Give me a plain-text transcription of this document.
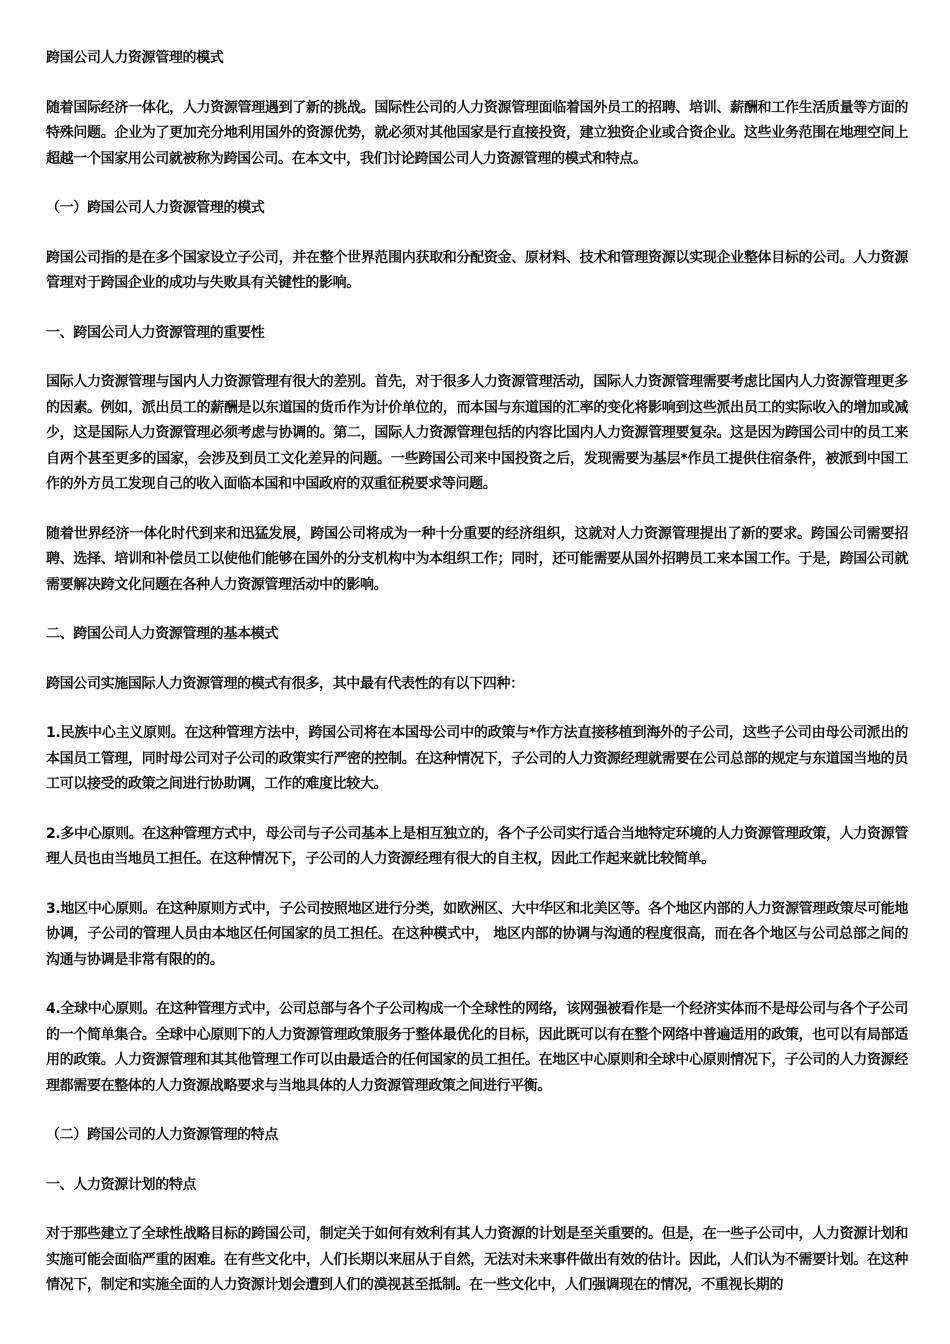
跨国公司人力资源管理的模式

随着国际经济一体化，人力资源管理遇到了新的挑战。国际性公司的人力资源管理面临着国外员工的招聘、培训、薪酬和工作生活质量等方面的特殊问题。企业为了更加充分地利用国外的资源优势，就必须对其他国家是行直接投资，建立独资企业或合资企业。这些业务范围在地理空间上超越一个国家用公司就被称为跨国公司。在本文中，我们讨论跨国公司人力资源管理的模式和特点。

（一）跨国公司人力资源管理的模式

跨国公司指的是在多个国家设立子公司，并在整个世界范围内获取和分配资金、原材料、技术和管理资源以实现企业整体目标的公司。人力资源管理对于跨国企业的成功与失败具有关键性的影响。

一、跨国公司人力资源管理的重要性

国际人力资源管理与国内人力资源管理有很大的差别。首先，对于很多人力资源管理活动，国际人力资源管理需要考虑比国内人力资源管理更多的因素。例如，派出员工的薪酬是以东道国的货币作为计价单位的，而本国与东道国的汇率的变化将影响到这些派出员工的实际收入的增加或减少，这是国际人力资源管理必须考虑与协调的。第二，国际人力资源管理包括的内容比国内人力资源管理要复杂。这是因为跨国公司中的员工来自两个甚至更多的国家，会涉及到员工文化差异的问题。一些跨国公司来中国投资之后，发现需要为基层*作员工提供住宿条件，被派到中国工作的外方员工发现自己的收入面临本国和中国政府的双重征税要求等问题。

随着世界经济一体化时代到来和迅猛发展，跨国公司将成为一种十分重要的经济组织，这就对人力资源管理提出了新的要求。跨国公司需要招聘、选择、培训和补偿员工以使他们能够在国外的分支机构中为本组织工作；同时，还可能需要从国外招聘员工来本国工作。于是，跨国公司就需要解决跨文化问题在各种人力资源管理活动中的影响。

二、跨国公司人力资源管理的基本模式

跨国公司实施国际人力资源管理的模式有很多，其中最有代表性的有以下四种：

1.民族中心主义原则。在这种管理方法中，跨国公司将在本国母公司中的政策与*作方法直接移植到海外的子公司，这些子公司由母公司派出的本国员工管理，同时母公司对子公司的政策实行严密的控制。在这种情况下，子公司的人力资源经理就需要在公司总部的规定与东道国当地的员工可以接受的政策之间进行协助调，工作的难度比较大。

2.多中心原则。在这种管理方式中，母公司与子公司基本上是相互独立的，各个子公司实行适合当地特定环境的人力资源管理政策，人力资源管理人员也由当地员工担任。在这种情况下，子公司的人力资源经理有很大的自主权，因此工作起来就比较简单。

3.地区中心原则。在这种原则方式中，子公司按照地区进行分类，如欧洲区、大中华区和北美区等。各个地区内部的人力资源管理政策尽可能地协调，子公司的管理人员由本地区任何国家的员工担任。在这种模式中， 地区内部的协调与沟通的程度很高，而在各个地区与公司总部之间的沟通与协调是非常有限的的。

4.全球中心原则。在这种管理方式中，公司总部与各个子公司构成一个全球性的网络，该网强被看作是一个经济实体而不是母公司与各个子公司的一个简单集合。全球中心原则下的人力资源管理政策服务于整体最优化的目标，因此既可以有在整个网络中普遍适用的政策，也可以有局部适用的政策。人力资源管理和其其他管理工作可以由最适合的任何国家的员工担任。在地区中心原则和全球中心原则情况下，子公司的人力资源经理都需要在整体的人力资源战略要求与当地具体的人力资源管理政策之间进行平衡。

（二）跨国公司的人力资源管理的特点

一、人力资源计划的特点

对于那些建立了全球性战略目标的跨国公司，制定关于如何有效利有其人力资源的计划是至关重要的。但是，在一些子公司中，人力资源计划和实施可能会面临严重的困难。在有些文化中，人们长期以来屈从于自然，无法对未来事件做出有效的估计。因此，人们认为不需要计划。在这种情况下，制定和实施全面的人力资源计划会遭到人们的漠视甚至抵制。在一些文化中，人们强调现在的情况，不重视长期的
